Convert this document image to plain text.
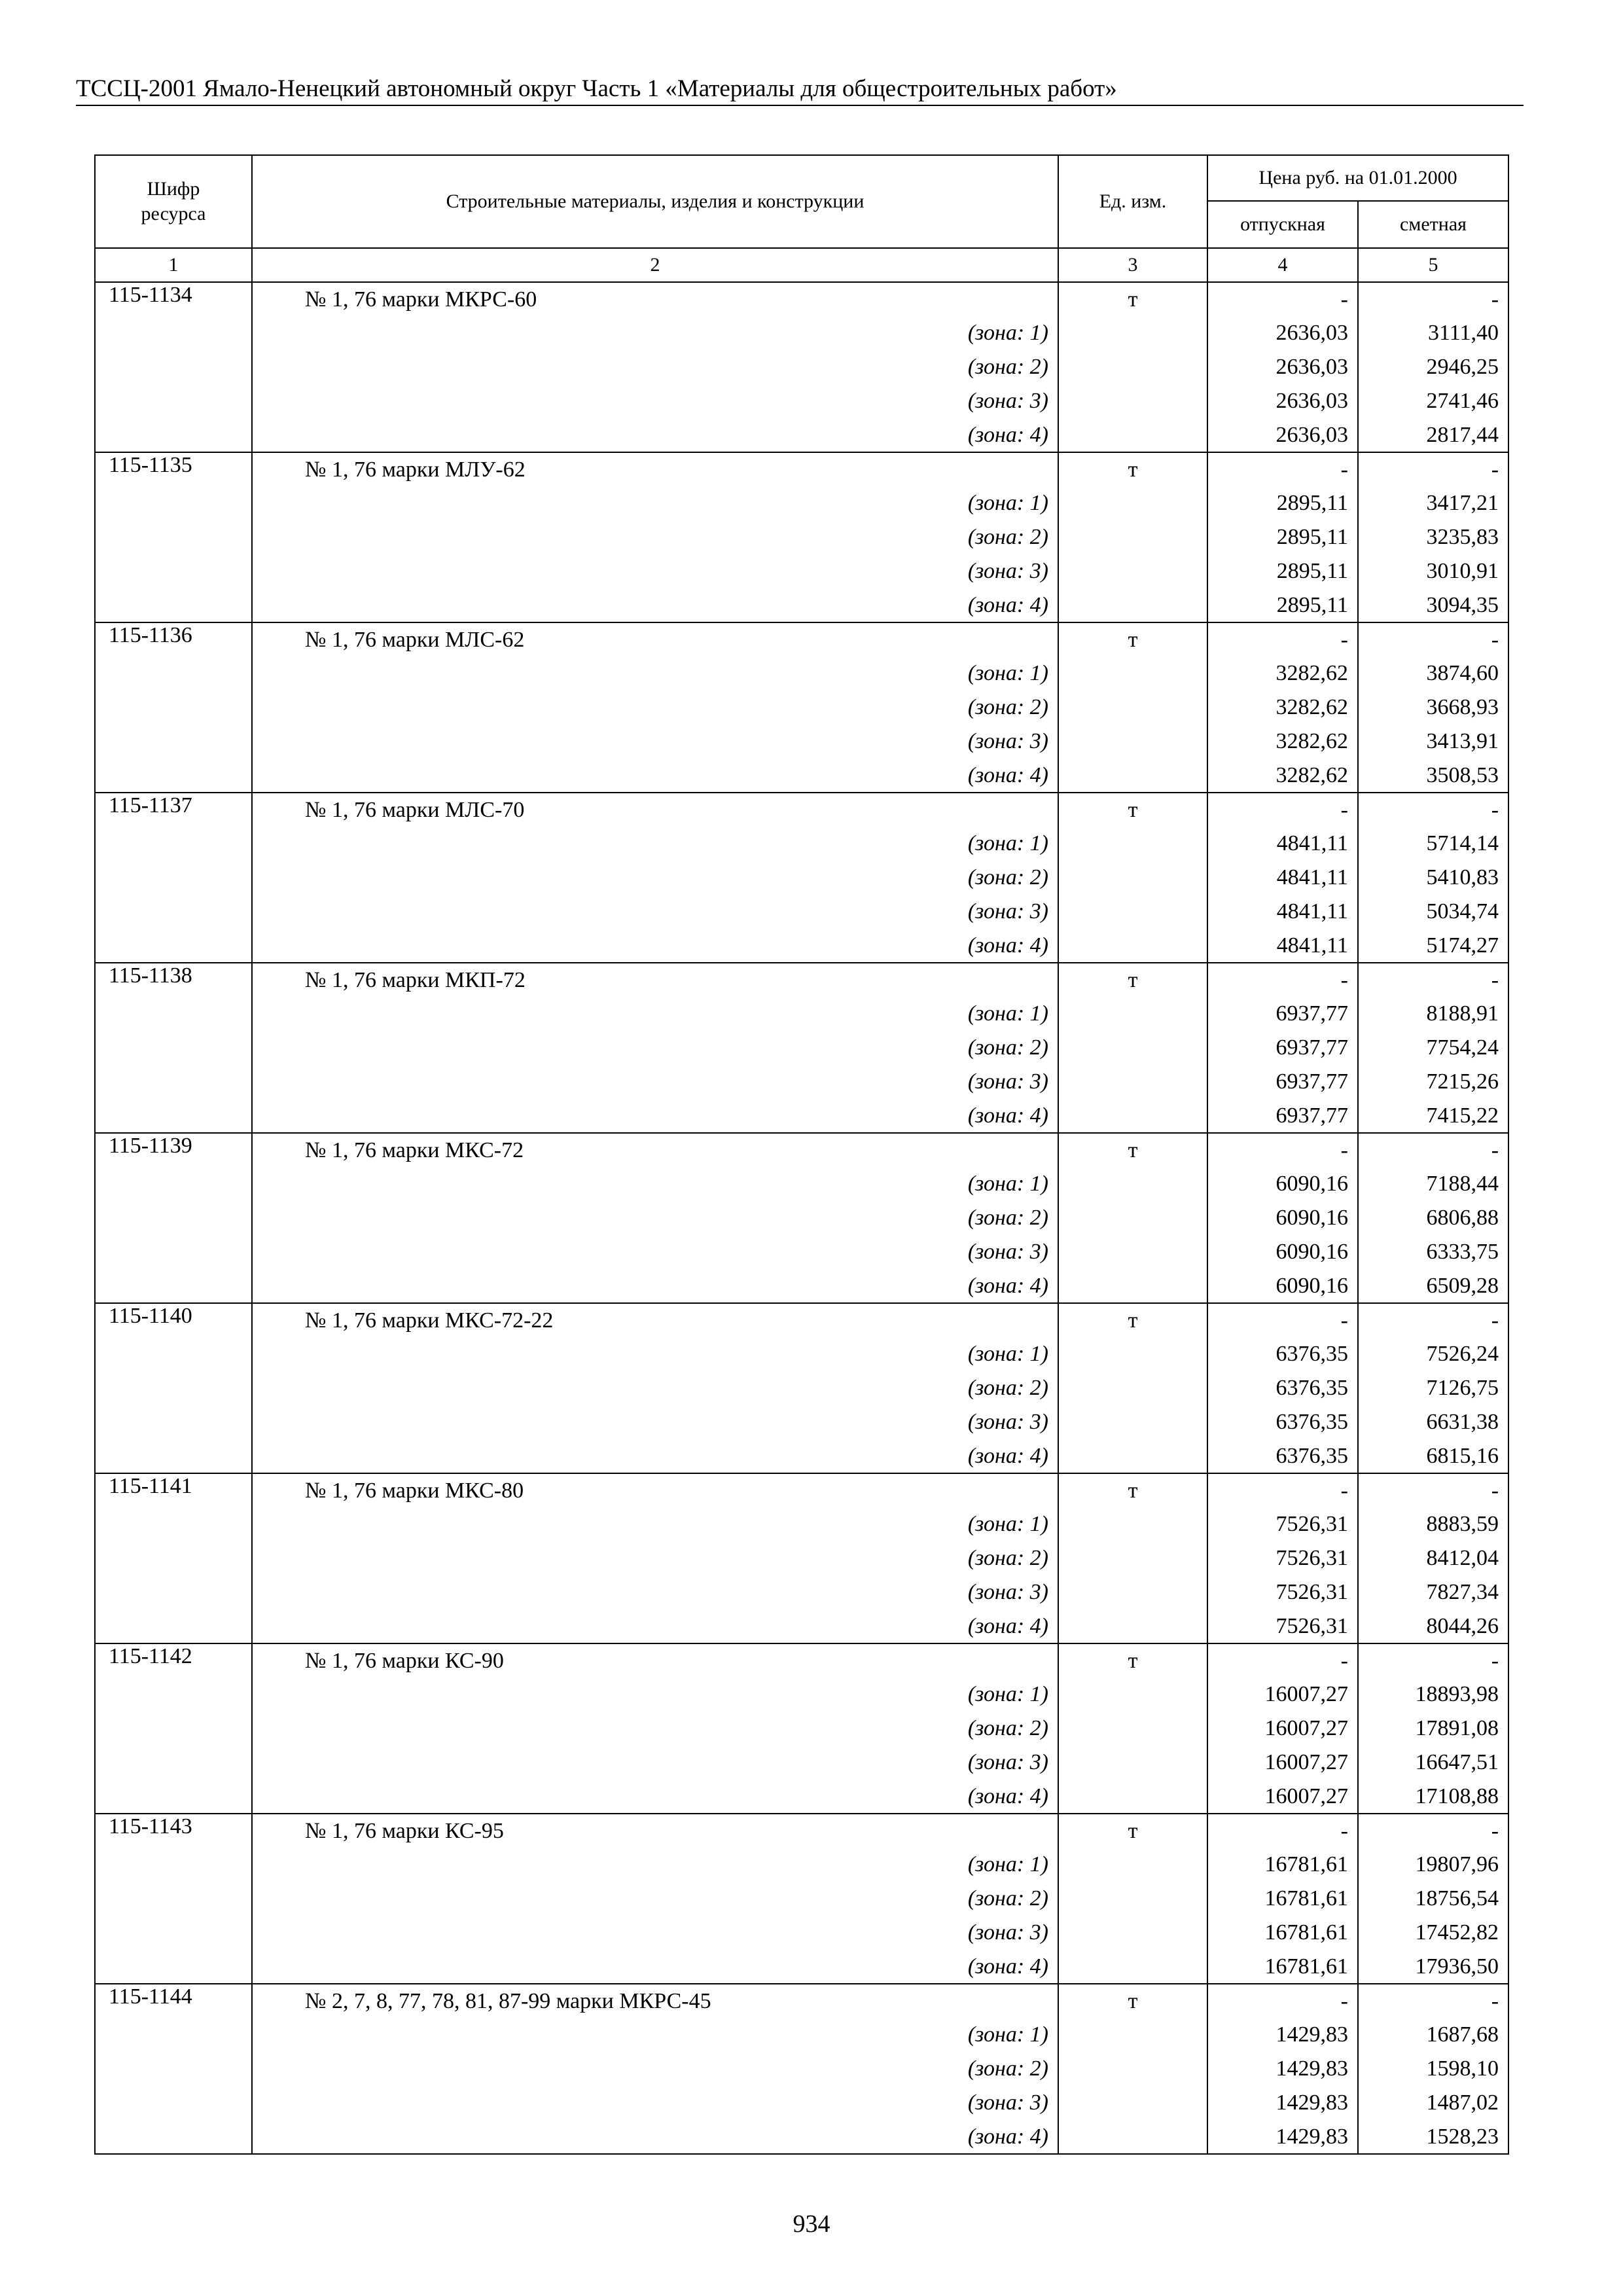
ТССЦ-2001 Ямало-Ненецкий автономный округ Часть 1 «Материалы для общестроительных работ»
Шифр ресурса	Строительные материалы, изделия и конструкции	Ед. изм.	Цена руб. на 01.01.2000	
			отпускная	сметная
1	2	3	4	5
115-1134	№ 1, 76 марки МКРС-60	т	-	-
	(зона: 1)		2636,03	3111,40
	(зона: 2)		2636,03	2946,25
	(зона: 3)		2636,03	2741,46
	(зона: 4)		2636,03	2817,44
115-1135	№ 1, 76 марки МЛУ-62	т	-	-
	(зона: 1)		2895,11	3417,21
	(зона: 2)		2895,11	3235,83
	(зона: 3)		2895,11	3010,91
	(зона: 4)		2895,11	3094,35
115-1136	№ 1, 76 марки МЛС-62	т	-	-
	(зона: 1)		3282,62	3874,60
	(зона: 2)		3282,62	3668,93
	(зона: 3)		3282,62	3413,91
	(зона: 4)		3282,62	3508,53
115-1137	№ 1, 76 марки МЛС-70	т	-	-
	(зона: 1)		4841,11	5714,14
	(зона: 2)		4841,11	5410,83
	(зона: 3)		4841,11	5034,74
	(зона: 4)		4841,11	5174,27
115-1138	№ 1, 76 марки МКП-72	т	-	-
	(зона: 1)		6937,77	8188,91
	(зона: 2)		6937,77	7754,24
	(зона: 3)		6937,77	7215,26
	(зона: 4)		6937,77	7415,22
115-1139	№ 1, 76 марки МКС-72	т	-	-
	(зона: 1)		6090,16	7188,44
	(зона: 2)		6090,16	6806,88
	(зона: 3)		6090,16	6333,75
	(зона: 4)		6090,16	6509,28
115-1140	№ 1, 76 марки МКС-72-22	т	-	-
	(зона: 1)		6376,35	7526,24
	(зона: 2)		6376,35	7126,75
	(зона: 3)		6376,35	6631,38
	(зона: 4)		6376,35	6815,16
115-1141	№ 1, 76 марки МКС-80	т	-	-
	(зона: 1)		7526,31	8883,59
	(зона: 2)		7526,31	8412,04
	(зона: 3)		7526,31	7827,34
	(зона: 4)		7526,31	8044,26
115-1142	№ 1, 76 марки КС-90	т	-	-
	(зона: 1)		16007,27	18893,98
	(зона: 2)		16007,27	17891,08
	(зона: 3)		16007,27	16647,51
	(зона: 4)		16007,27	17108,88
115-1143	№ 1, 76 марки КС-95	т	-	-
	(зона: 1)		16781,61	19807,96
	(зона: 2)		16781,61	18756,54
	(зона: 3)		16781,61	17452,82
	(зона: 4)		16781,61	17936,50
115-1144	№ 2, 7, 8, 77, 78, 81, 87-99 марки МКРС-45	т	-	-
	(зона: 1)		1429,83	1687,68
	(зона: 2)		1429,83	1598,10
	(зона: 3)		1429,83	1487,02
	(зона: 4)		1429,83	1528,23
934
